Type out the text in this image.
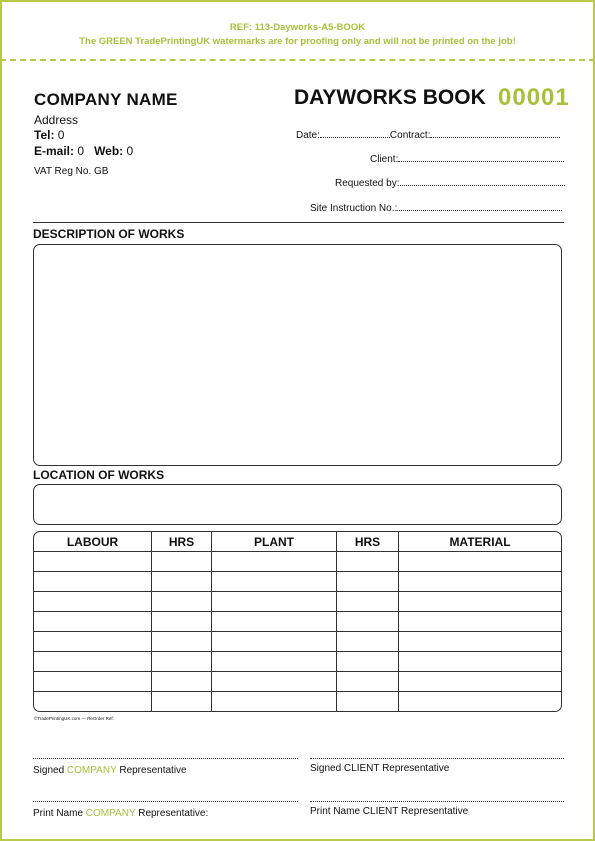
REF: 113-Dayworks-A5-BOOK
The GREEN TradePrintingUK watermarks are for proofing only and will not be printed on the job!
COMPANY NAME
Address
Tel: 0
E-mail: 0 Web: 0
VAT Reg No. GB
DAYWORKS BOOK 00001
Date:	Contract:
Client:
Requested by:
Site Instruction No.:
DESCRIPTION OF WORKS
LOCATION OF WORKS
LABOUR	HRS	PLANT	HRS	MATERIAL

©TradePrintingUK.com — ReOrder Ref:
Signed COMPANY Representative	Signed CLIENT Representative
Print Name COMPANY Representative:	Print Name CLIENT Representative
